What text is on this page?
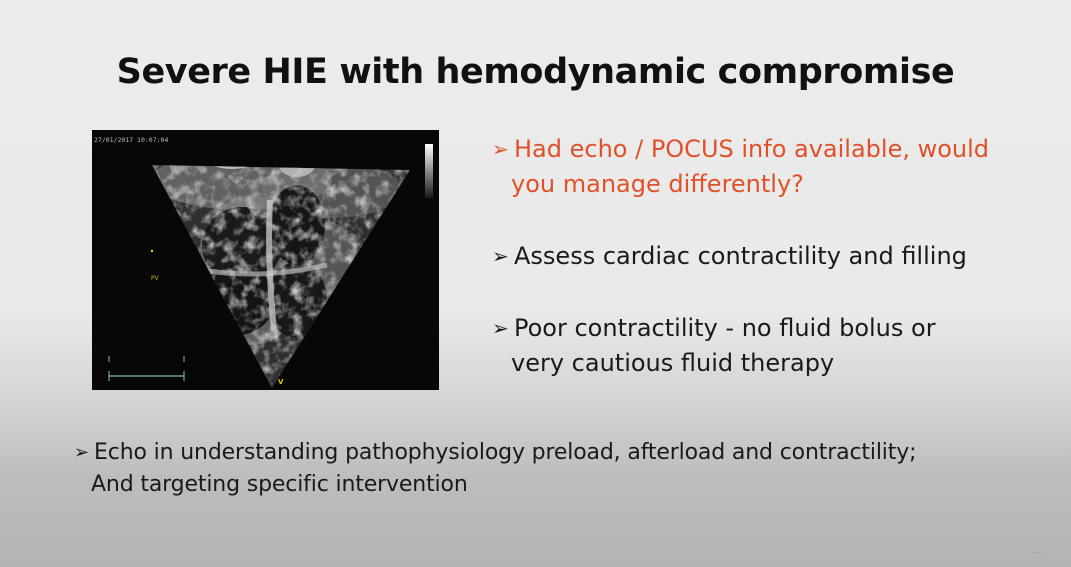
Severe HIE with hemodynamic compromise
27/01/2017 10:07:04
PV
V
➢ Had echo / POCUS info available, would
you manage differently?
➢ Assess cardiac contractility and filling
➢ Poor contractility - no fluid bolus or
very cautious fluid therapy
➢ Echo in understanding pathophysiology preload, afterload and contractility;
And targeting specific intervention
